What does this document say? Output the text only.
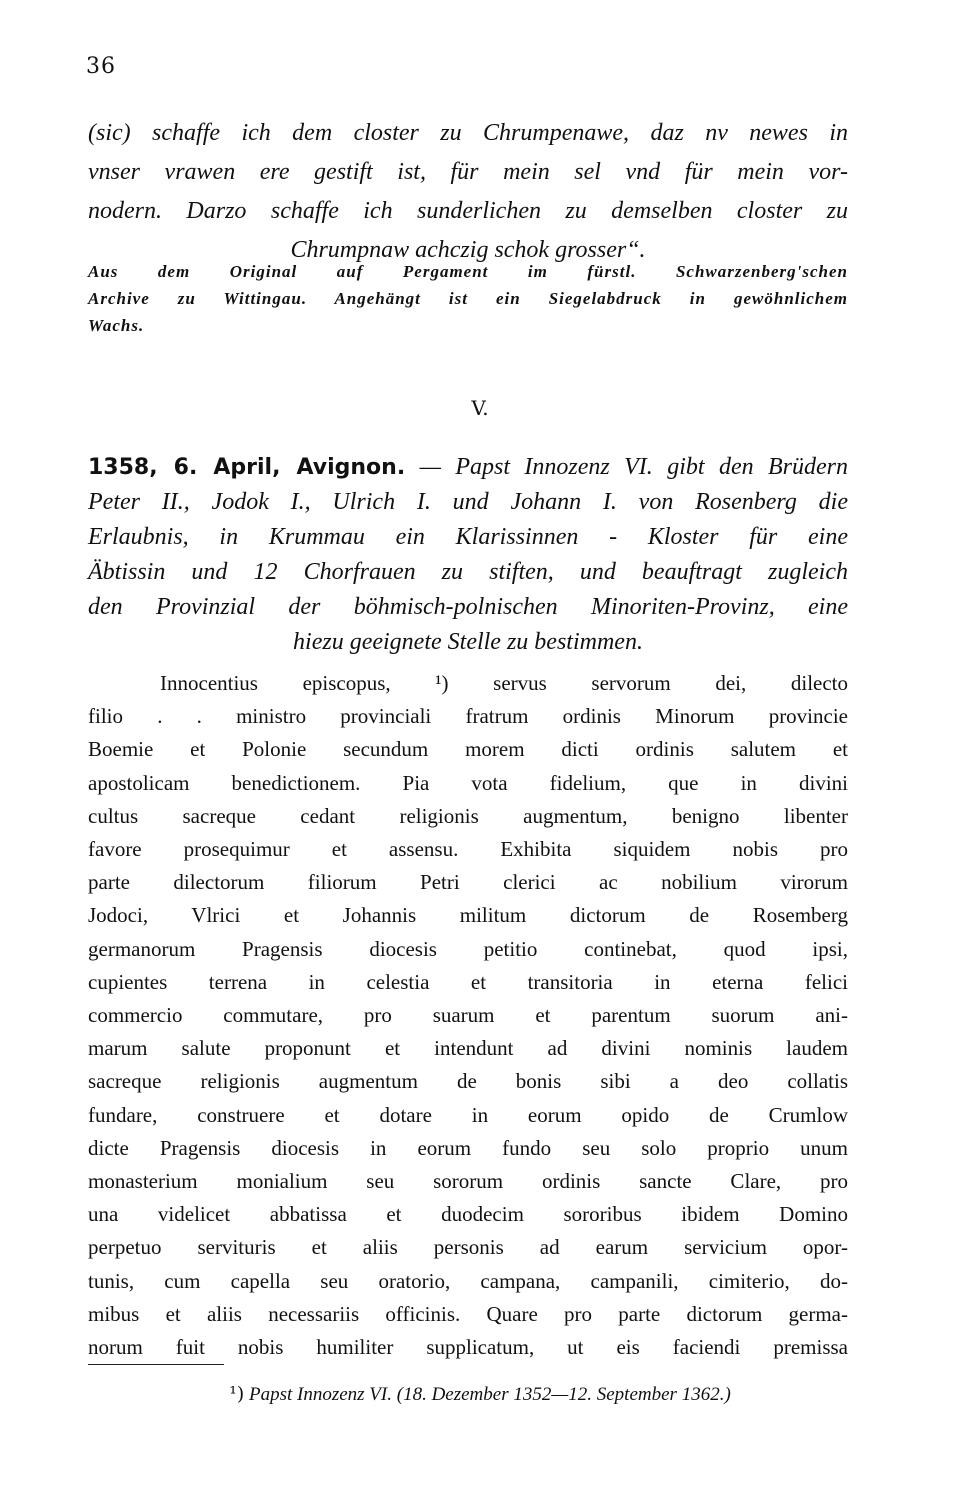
36
(sic) schaffe ich dem closter zu Chrumpenawe, daz nv newes in
vnser vrawen ere gestift ist, für mein sel vnd für mein vor-
nodern. Darzo schaffe ich sunderlichen zu demselben closter zu
Chrumpnaw achczig schok grosser“.
Aus dem Original auf Pergament im fürstl. Schwarzenberg'schen
Archive zu Wittingau. Angehängt ist ein Siegelabdruck in gewöhnlichem
Wachs.
V.
1358, 6. April, Avignon. — Papst Innozenz VI. gibt den Brüdern
Peter II., Jodok I., Ulrich I. und Johann I. von Rosenberg die
Erlaubnis, in Krummau ein Klarissinnen - Kloster für eine
Äbtissin und 12 Chorfrauen zu stiften, und beauftragt zugleich
den Provinzial der böhmisch-polnischen Minoriten-Provinz, eine
hiezu geeignete Stelle zu bestimmen.
Innocentius episcopus, ¹) servus servorum dei, dilecto
filio . . ministro provinciali fratrum ordinis Minorum provincie
Boemie et Polonie secundum morem dicti ordinis salutem et
apostolicam benedictionem. Pia vota fidelium, que in divini
cultus sacreque cedant religionis augmentum, benigno libenter
favore prosequimur et assensu. Exhibita siquidem nobis pro
parte dilectorum filiorum Petri clerici ac nobilium virorum
Jodoci, Vlrici et Johannis militum dictorum de Rosemberg
germanorum Pragensis diocesis petitio continebat, quod ipsi,
cupientes terrena in celestia et transitoria in eterna felici
commercio commutare, pro suarum et parentum suorum ani-
marum salute proponunt et intendunt ad divini nominis laudem
sacreque religionis augmentum de bonis sibi a deo collatis
fundare, construere et dotare in eorum opido de Crumlow
dicte Pragensis diocesis in eorum fundo seu solo proprio unum
monasterium monialium seu sororum ordinis sancte Clare, pro
una videlicet abbatissa et duodecim sororibus ibidem Domino
perpetuo servituris et aliis personis ad earum servicium opor-
tunis, cum capella seu oratorio, campana, campanili, cimiterio, do-
mibus et aliis necessariis officinis. Quare pro parte dictorum germa-
norum fuit nobis humiliter supplicatum, ut eis faciendi premissa
¹) Papst Innozenz VI. (18. Dezember 1352—12. September 1362.)
